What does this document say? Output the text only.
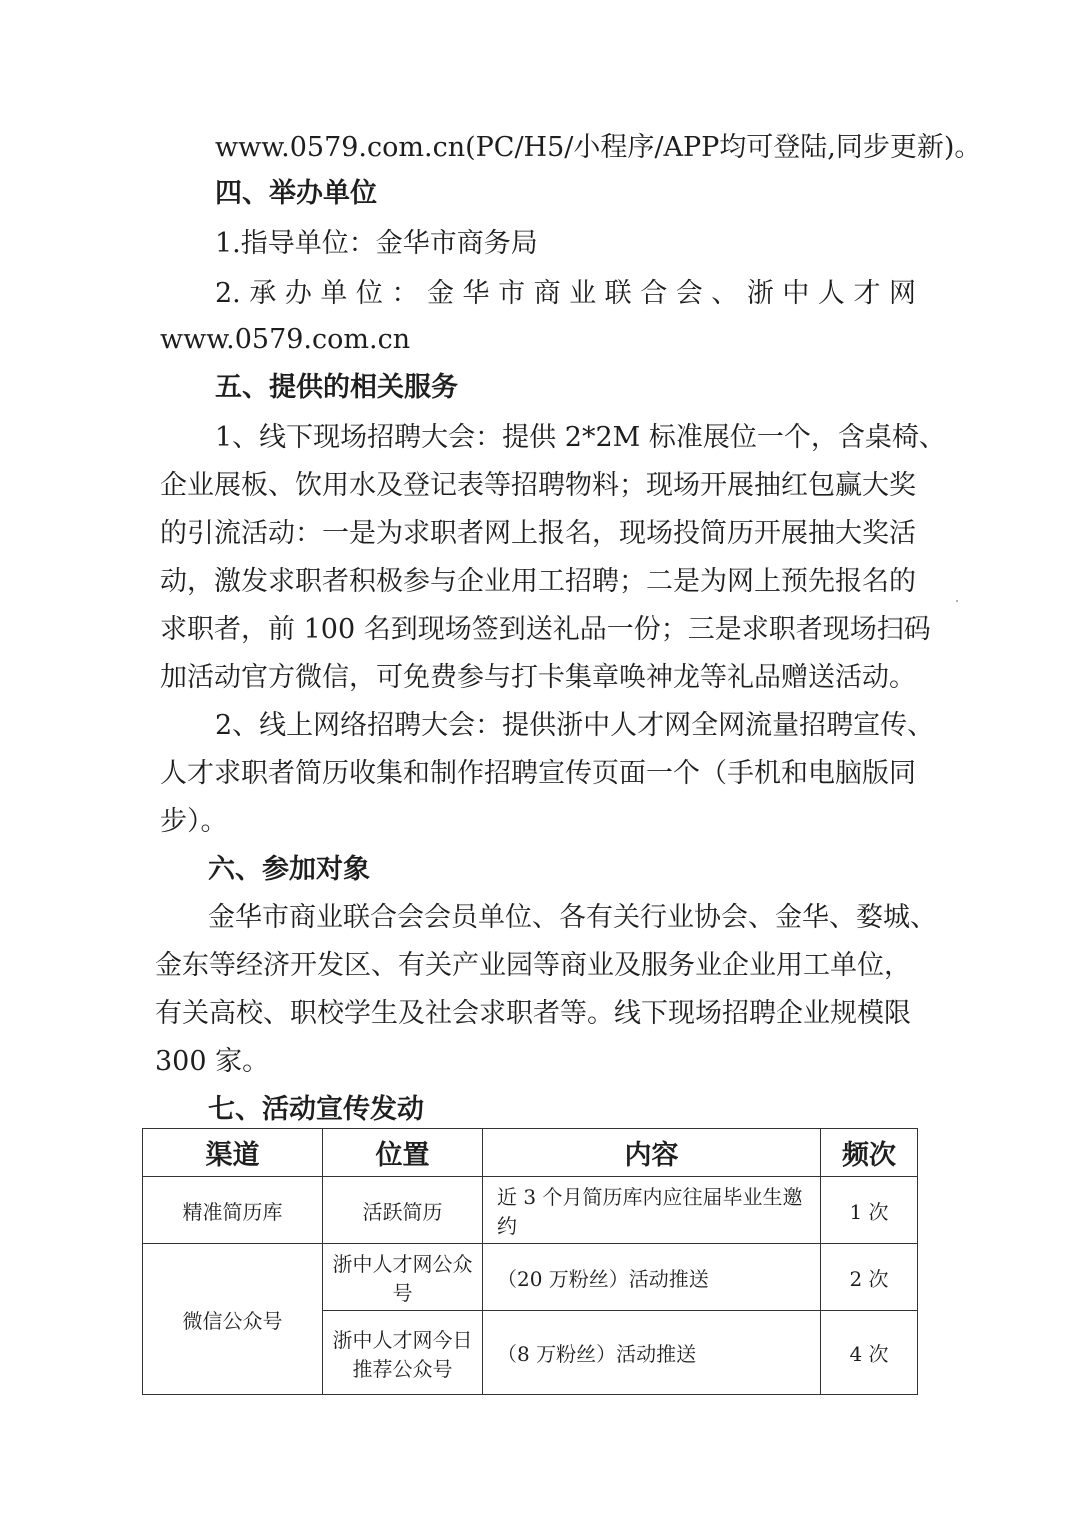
www.0579.com.cn(PC/H5/小程序/APP均可登陆,同步更新)。
四、举办单位
1.指导单位：金华市商务局
2.承办单位：金华市商业联合会、浙中人才网
www.0579.com.cn
五、提供的相关服务
1、线下现场招聘大会：提供 2*2M 标准展位一个，含桌椅、
企业展板、饮用水及登记表等招聘物料；现场开展抽红包赢大奖
的引流活动：一是为求职者网上报名，现场投简历开展抽大奖活
动，激发求职者积极参与企业用工招聘；二是为网上预先报名的
求职者，前 100 名到现场签到送礼品一份；三是求职者现场扫码
加活动官方微信，可免费参与打卡集章唤神龙等礼品赠送活动。
2、线上网络招聘大会：提供浙中人才网全网流量招聘宣传、
人才求职者简历收集和制作招聘宣传页面一个（手机和电脑版同
步）。
六、参加对象
金华市商业联合会会员单位、各有关行业协会、金华、婺城、
金东等经济开发区、有关产业园等商业及服务业企业用工单位，
有关高校、职校学生及社会求职者等。线下现场招聘企业规模限
300 家。
七、活动宣传发动
渠道	位置	内容	频次
精准简历库	活跃简历	近 3 个月简历库内应往届毕业生邀约	1 次
微信公众号	浙中人才网公众号	（20 万粉丝）活动推送	2 次
	浙中人才网今日推荐公众号	（8 万粉丝）活动推送	4 次
